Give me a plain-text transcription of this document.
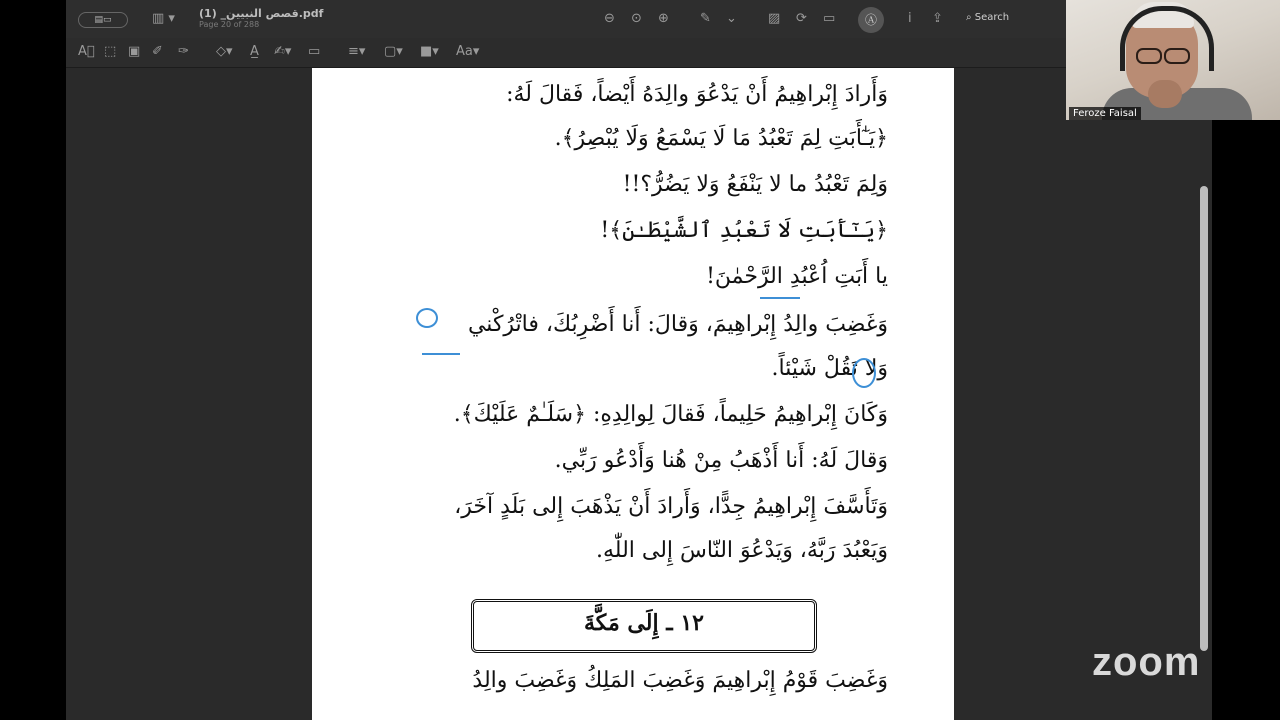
▤▭	▥ ▾ قصص النبيين_ (1).pdf
Page 20 of 288	⊖ ⊙ ⊕ ✎ ⌄ ▨ ⟳ ▭	Ⓐ	i ⇪ ⌕ Search
A⃞ ⬚ ▣ ✐ ✑ ◇▾ A̲ ✍▾ ▭ ≡▾ ▢▾ ■▾ Aa▾
وَأَرادَ إِبْراهِيمُ أَنْ يَدْعُوَ والِدَهُ أَيْضاً، فَقالَ لَهُ:
﴿يَـٰٓأَبَتِ لِمَ تَعْبُدُ مَا لَا يَسْمَعُ وَلَا يُبْصِرُ﴾.
وَلِمَ تَعْبُدُ ما لا يَنْفَعُ وَلا يَضُرُّ؟!!
﴿يَـٰٓأَبَتِ لَا تَعْبُدِ ٱلشَّيْطَـٰنَ﴾!
يا أَبَتِ اُعْبُدِ الرَّحْمٰنَ!
وَغَضِبَ والِدُ إِبْراهِيمَ، وَقالَ: أَنا أَضْرِبُكَ، فاتْرُكْني
وَلا تَقُلْ شَيْئاً.
وَكَانَ إِبْراهِيمُ حَلِيماً، فَقالَ لِوالِدِهِ: ﴿سَلَـٰمٌ عَلَيْكَ﴾.
وَقالَ لَهُ: أَنا أَذْهَبُ مِنْ هُنا وَأَدْعُو رَبِّي.
وَتَأَسَّفَ إِبْراهِيمُ جِدًّا، وَأَرادَ أَنْ يَذْهَبَ إِلى بَلَدٍ آخَرَ،
وَيَعْبُدَ رَبَّهُ، وَيَدْعُوَ النّاسَ إِلى اللّٰهِ.
١٢ ـ إِلَى مَكَّةَ
وَغَضِبَ قَوْمُ إِبْراهِيمَ وَغَضِبَ المَلِكُ وَغَضِبَ والِدُ
Feroze Faisal
zoom
